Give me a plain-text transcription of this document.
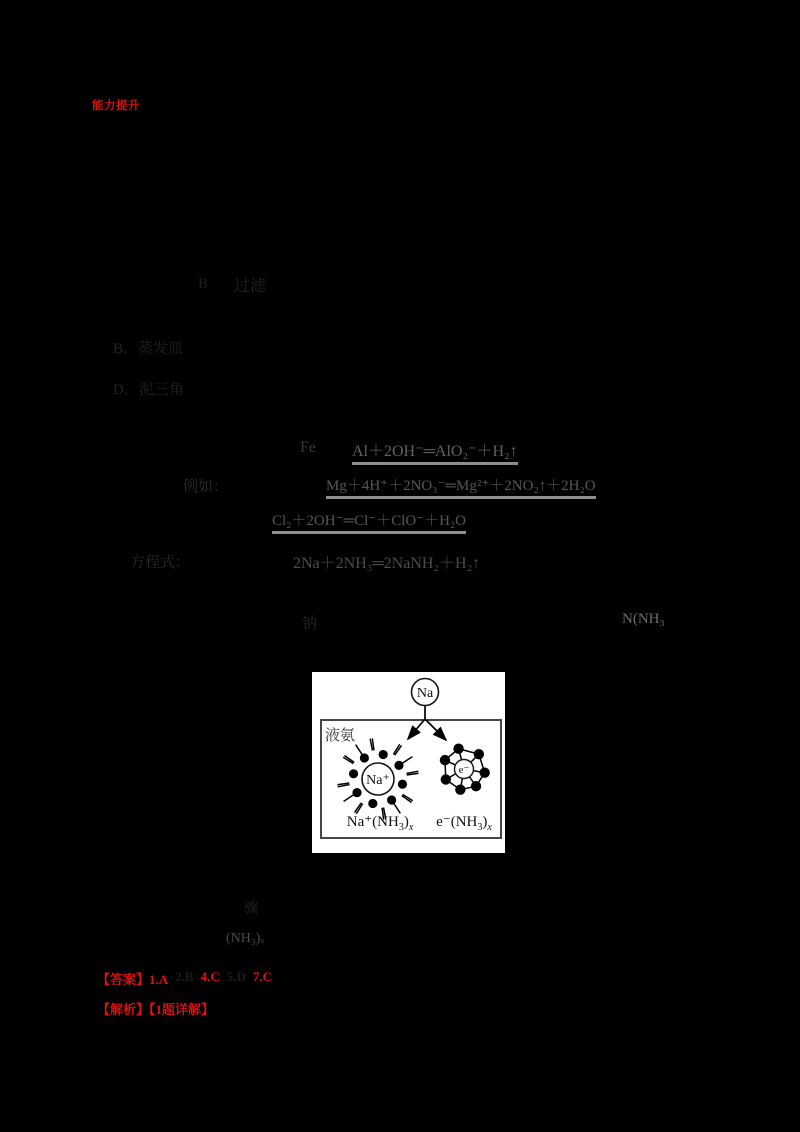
能力提升
B 过滤
B．蒸发皿
D．泥三角
Fe Al＋2OH⁻═AlO₂⁻＋H₂↑
例如：	Mg＋4H⁺＋2NO₃⁻═Mg²⁺＋2NO₂↑＋2H₂O
Cl₂＋2OH⁻═Cl⁻＋ClO⁻＋H₂O
方程式：	2Na＋2NH₃═2NaNH₂＋H₂↑
钠	N(NH₃
骤
(NH₃)ₓ
液氨
Na
Na⁺
e⁻
$Na^+(NH_3)_x$	$e^-(NH_3)_x$
【答案】1.A 2.B 4.C 5.D 7.C
【解析】【1题详解】
